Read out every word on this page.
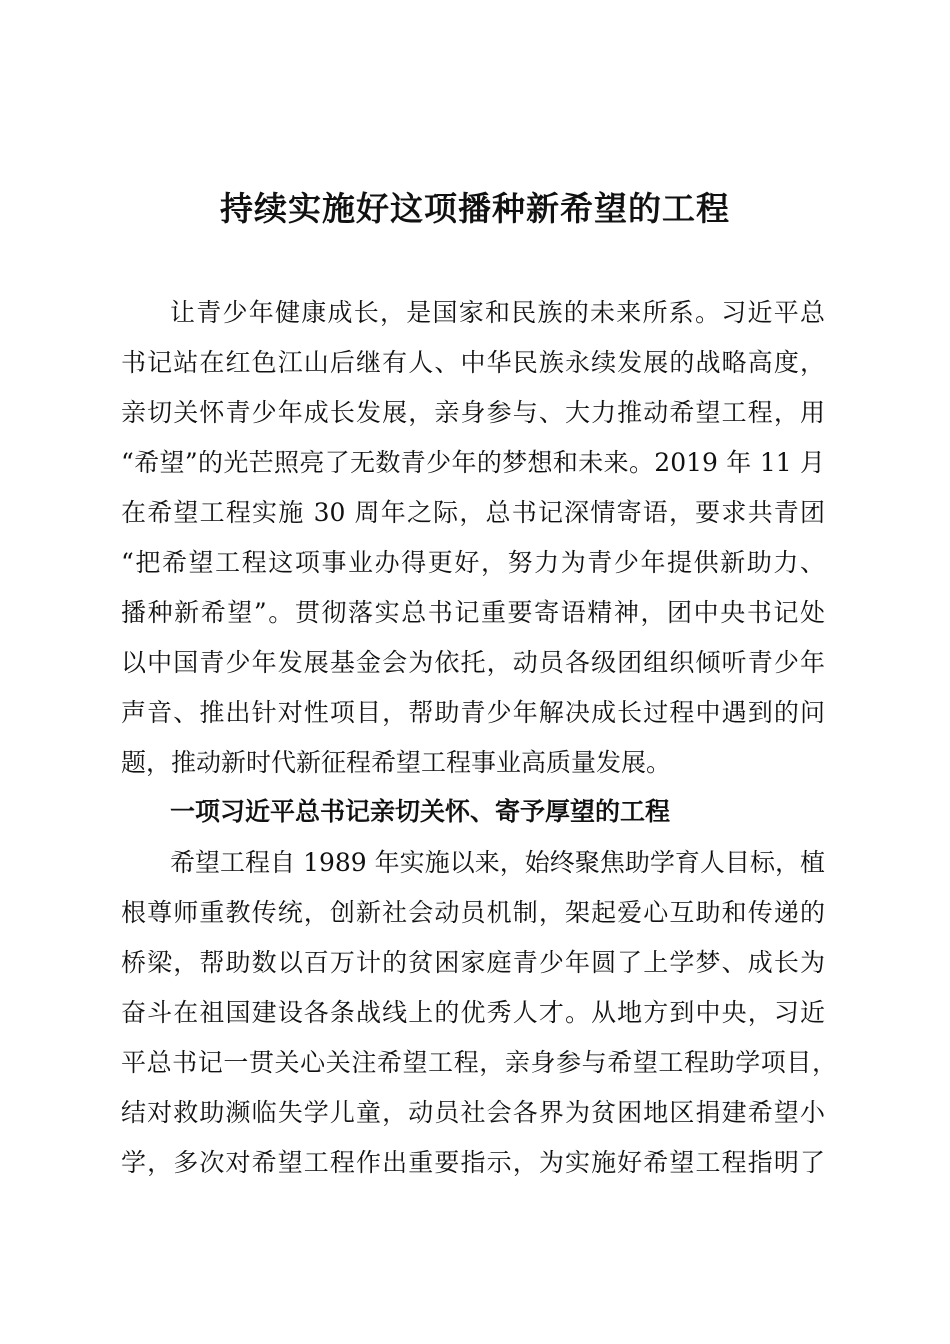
持续实施好这项播种新希望的工程

让青少年健康成长，是国家和民族的未来所系。习近平总

书记站在红色江山后继有人、中华民族永续发展的战略高度，

亲切关怀青少年成长发展，亲身参与、大力推动希望工程，用

“希望”的光芒照亮了无数青少年的梦想和未来。2019 年 11 月

在希望工程实施 30 周年之际，总书记深情寄语，要求共青团

“把希望工程这项事业办得更好，努力为青少年提供新助力、

播种新希望”。贯彻落实总书记重要寄语精神，团中央书记处

以中国青少年发展基金会为依托，动员各级团组织倾听青少年

声音、推出针对性项目，帮助青少年解决成长过程中遇到的问

题，推动新时代新征程希望工程事业高质量发展。

一项习近平总书记亲切关怀、寄予厚望的工程

希望工程自 1989 年实施以来，始终聚焦助学育人目标，植

根尊师重教传统，创新社会动员机制，架起爱心互助和传递的

桥梁，帮助数以百万计的贫困家庭青少年圆了上学梦、成长为

奋斗在祖国建设各条战线上的优秀人才。从地方到中央，习近

平总书记一贯关心关注希望工程，亲身参与希望工程助学项目，

结对救助濒临失学儿童，动员社会各界为贫困地区捐建希望小

学，多次对希望工程作出重要指示，为实施好希望工程指明了
